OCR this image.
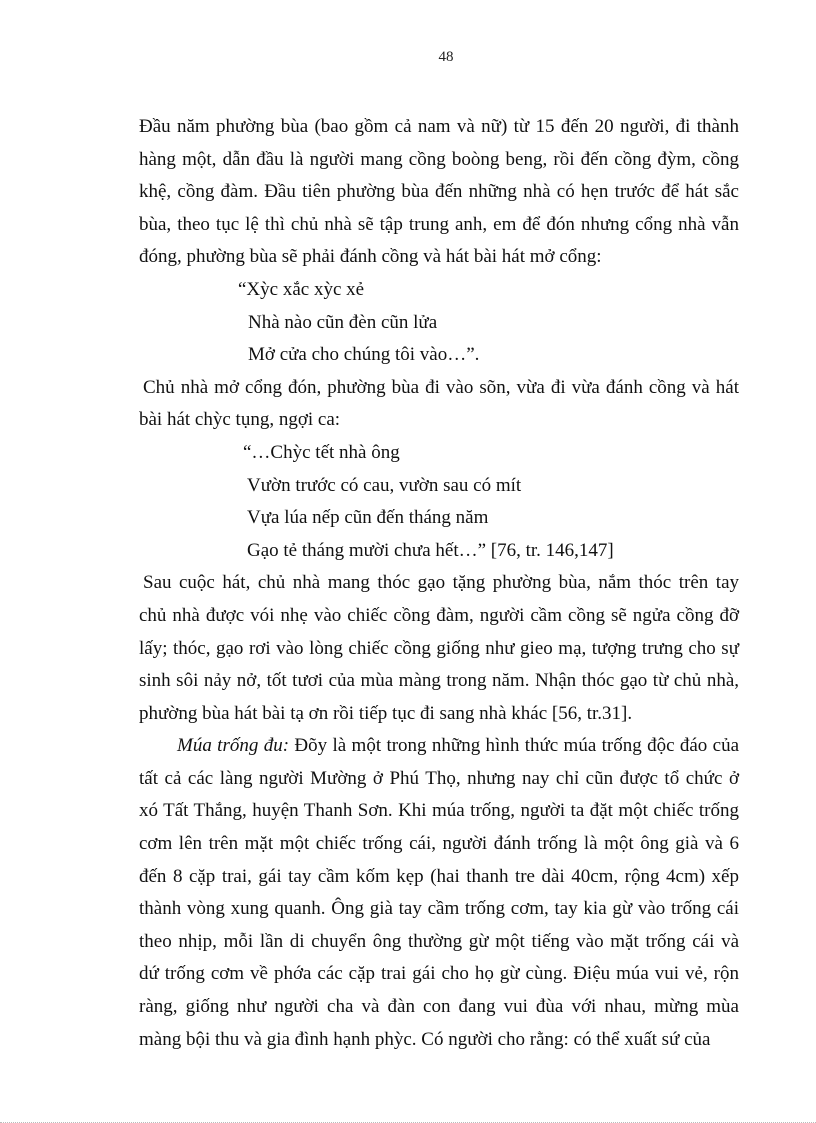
48
Đầu năm phường bùa (bao gồm cả nam và nữ) từ 15 đến 20 người, đi thành
hàng một, dẫn đầu là người mang cồng boòng beng, rồi đến cồng đỳm, cồng
khệ, cồng đàm. Đầu tiên phường bùa đến những nhà có hẹn trước để hát sắc
bùa, theo tục lệ thì chủ nhà sẽ tập trung anh, em để đón nhưng cổng nhà vẫn
đóng, phường bùa sẽ phải đánh cồng và hát bài hát mở cổng:
“Xỳc xắc xỳc xẻ
Nhà nào cũn đèn cũn lửa
Mở cửa cho chúng tôi vào…”.
Chủ nhà mở cổng đón, phường bùa đi vào sõn, vừa đi vừa đánh cồng và hát
bài hát chỳc tụng, ngợi ca:
“…Chỳc tết nhà ông
Vườn trước có cau, vườn sau có mít
Vựa lúa nếp cũn đến tháng năm
Gạo tẻ tháng mười chưa hết…” [76, tr. 146,147]
Sau cuộc hát, chủ nhà mang thóc gạo tặng phường bùa, nắm thóc trên tay
chủ nhà được vói nhẹ vào chiếc cồng đàm, người cầm cồng sẽ ngửa cồng đỡ
lấy; thóc, gạo rơi vào lòng chiếc cồng giống như gieo mạ, tượng trưng cho sự
sinh sôi nảy nở, tốt tươi của mùa màng trong năm. Nhận thóc gạo từ chủ nhà,
phường bùa hát bài tạ ơn rồi tiếp tục đi sang nhà khác [56, tr.31].
Múa trống đu: Đõy là một trong những hình thức múa trống độc đáo của
tất cả các làng người Mường ở Phú Thọ, nhưng nay chỉ cũn được tổ chức ở
xó Tất Thắng, huyện Thanh Sơn. Khi múa trống, người ta đặt một chiếc trống
cơm lên trên mặt một chiếc trống cái, người đánh trống là một ông già và 6
đến 8 cặp trai, gái tay cầm kốm kẹp (hai thanh tre dài 40cm, rộng 4cm) xếp
thành vòng xung quanh. Ông già tay cầm trống cơm, tay kia gừ vào trống cái
theo nhịp, mỗi lần di chuyển ông thường gừ một tiếng vào mặt trống cái và
dứ trống cơm về phớa các cặp trai gái cho họ gừ cùng. Điệu múa vui vẻ, rộn
ràng, giống như người cha và đàn con đang vui đùa với nhau, mừng mùa
màng bội thu và gia đình hạnh phỳc. Có người cho rằng: có thể xuất sứ của
